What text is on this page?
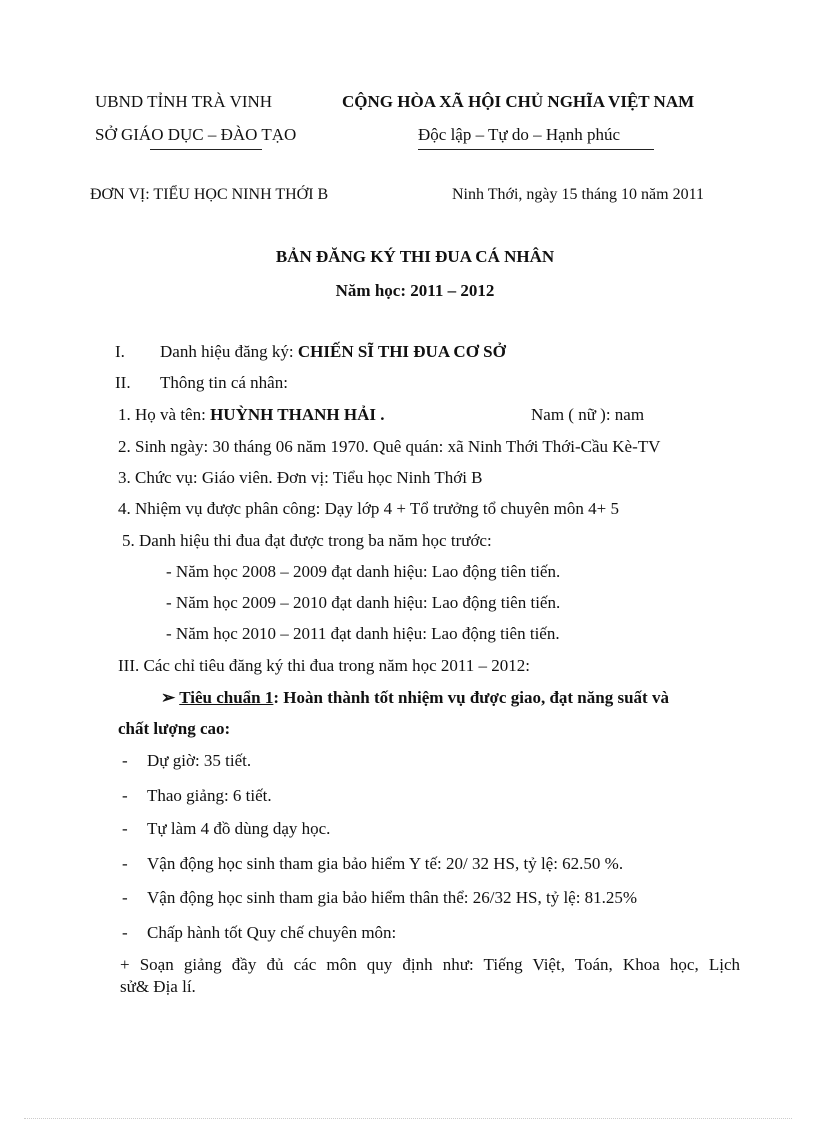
UBND TỈNH TRÀ VINH	CỘNG HÒA XÃ HỘI CHỦ NGHĨA VIỆT NAM
SỞ GIÁO DỤC – ĐÀO TẠO	Độc lập – Tự do – Hạnh phúc
ĐƠN VỊ: TIỂU HỌC NINH THỚI B	Ninh Thới, ngày 15 tháng 10 năm 2011
BẢN ĐĂNG KÝ THI ĐUA CÁ NHÂN
Năm học: 2011 – 2012
I. Danh hiệu đăng ký: CHIẾN SĨ THI ĐUA CƠ SỞ
II. Thông tin cá nhân:
1. Họ và tên: HUỲNH THANH HẢI .	Nam ( nữ ): nam
2. Sinh ngày: 30 tháng 06 năm 1970. Quê quán: xã Ninh Thới Thới-Cầu Kè-TV
3. Chức vụ: Giáo viên. Đơn vị: Tiểu học Ninh Thới B
4. Nhiệm vụ được phân công: Dạy lớp 4 + Tổ trưởng tổ chuyên môn 4+ 5
5. Danh hiệu thi đua đạt được trong ba năm học trước:
- Năm học 2008 – 2009 đạt danh hiệu: Lao động tiên tiến.
- Năm học 2009 – 2010 đạt danh hiệu: Lao động tiên tiến.
- Năm học 2010 – 2011 đạt danh hiệu: Lao động tiên tiến.
III. Các chỉ tiêu đăng ký thi đua trong năm học 2011 – 2012:
➢ Tiêu chuẩn 1: Hoàn thành tốt nhiệm vụ được giao, đạt năng suất và
chất lượng cao:
- Dự giờ: 35 tiết.
- Thao giảng: 6 tiết.
- Tự làm 4 đồ dùng dạy học.
- Vận động học sinh tham gia bảo hiểm Y tế: 20/ 32 HS, tỷ lệ: 62.50 %.
- Vận động học sinh tham gia bảo hiểm thân thể: 26/32 HS, tỷ lệ: 81.25%
- Chấp hành tốt Quy chế chuyên môn:
+ Soạn giảng đầy đủ các môn quy định như: Tiếng Việt, Toán, Khoa học, Lịch
sử& Địa lí.
